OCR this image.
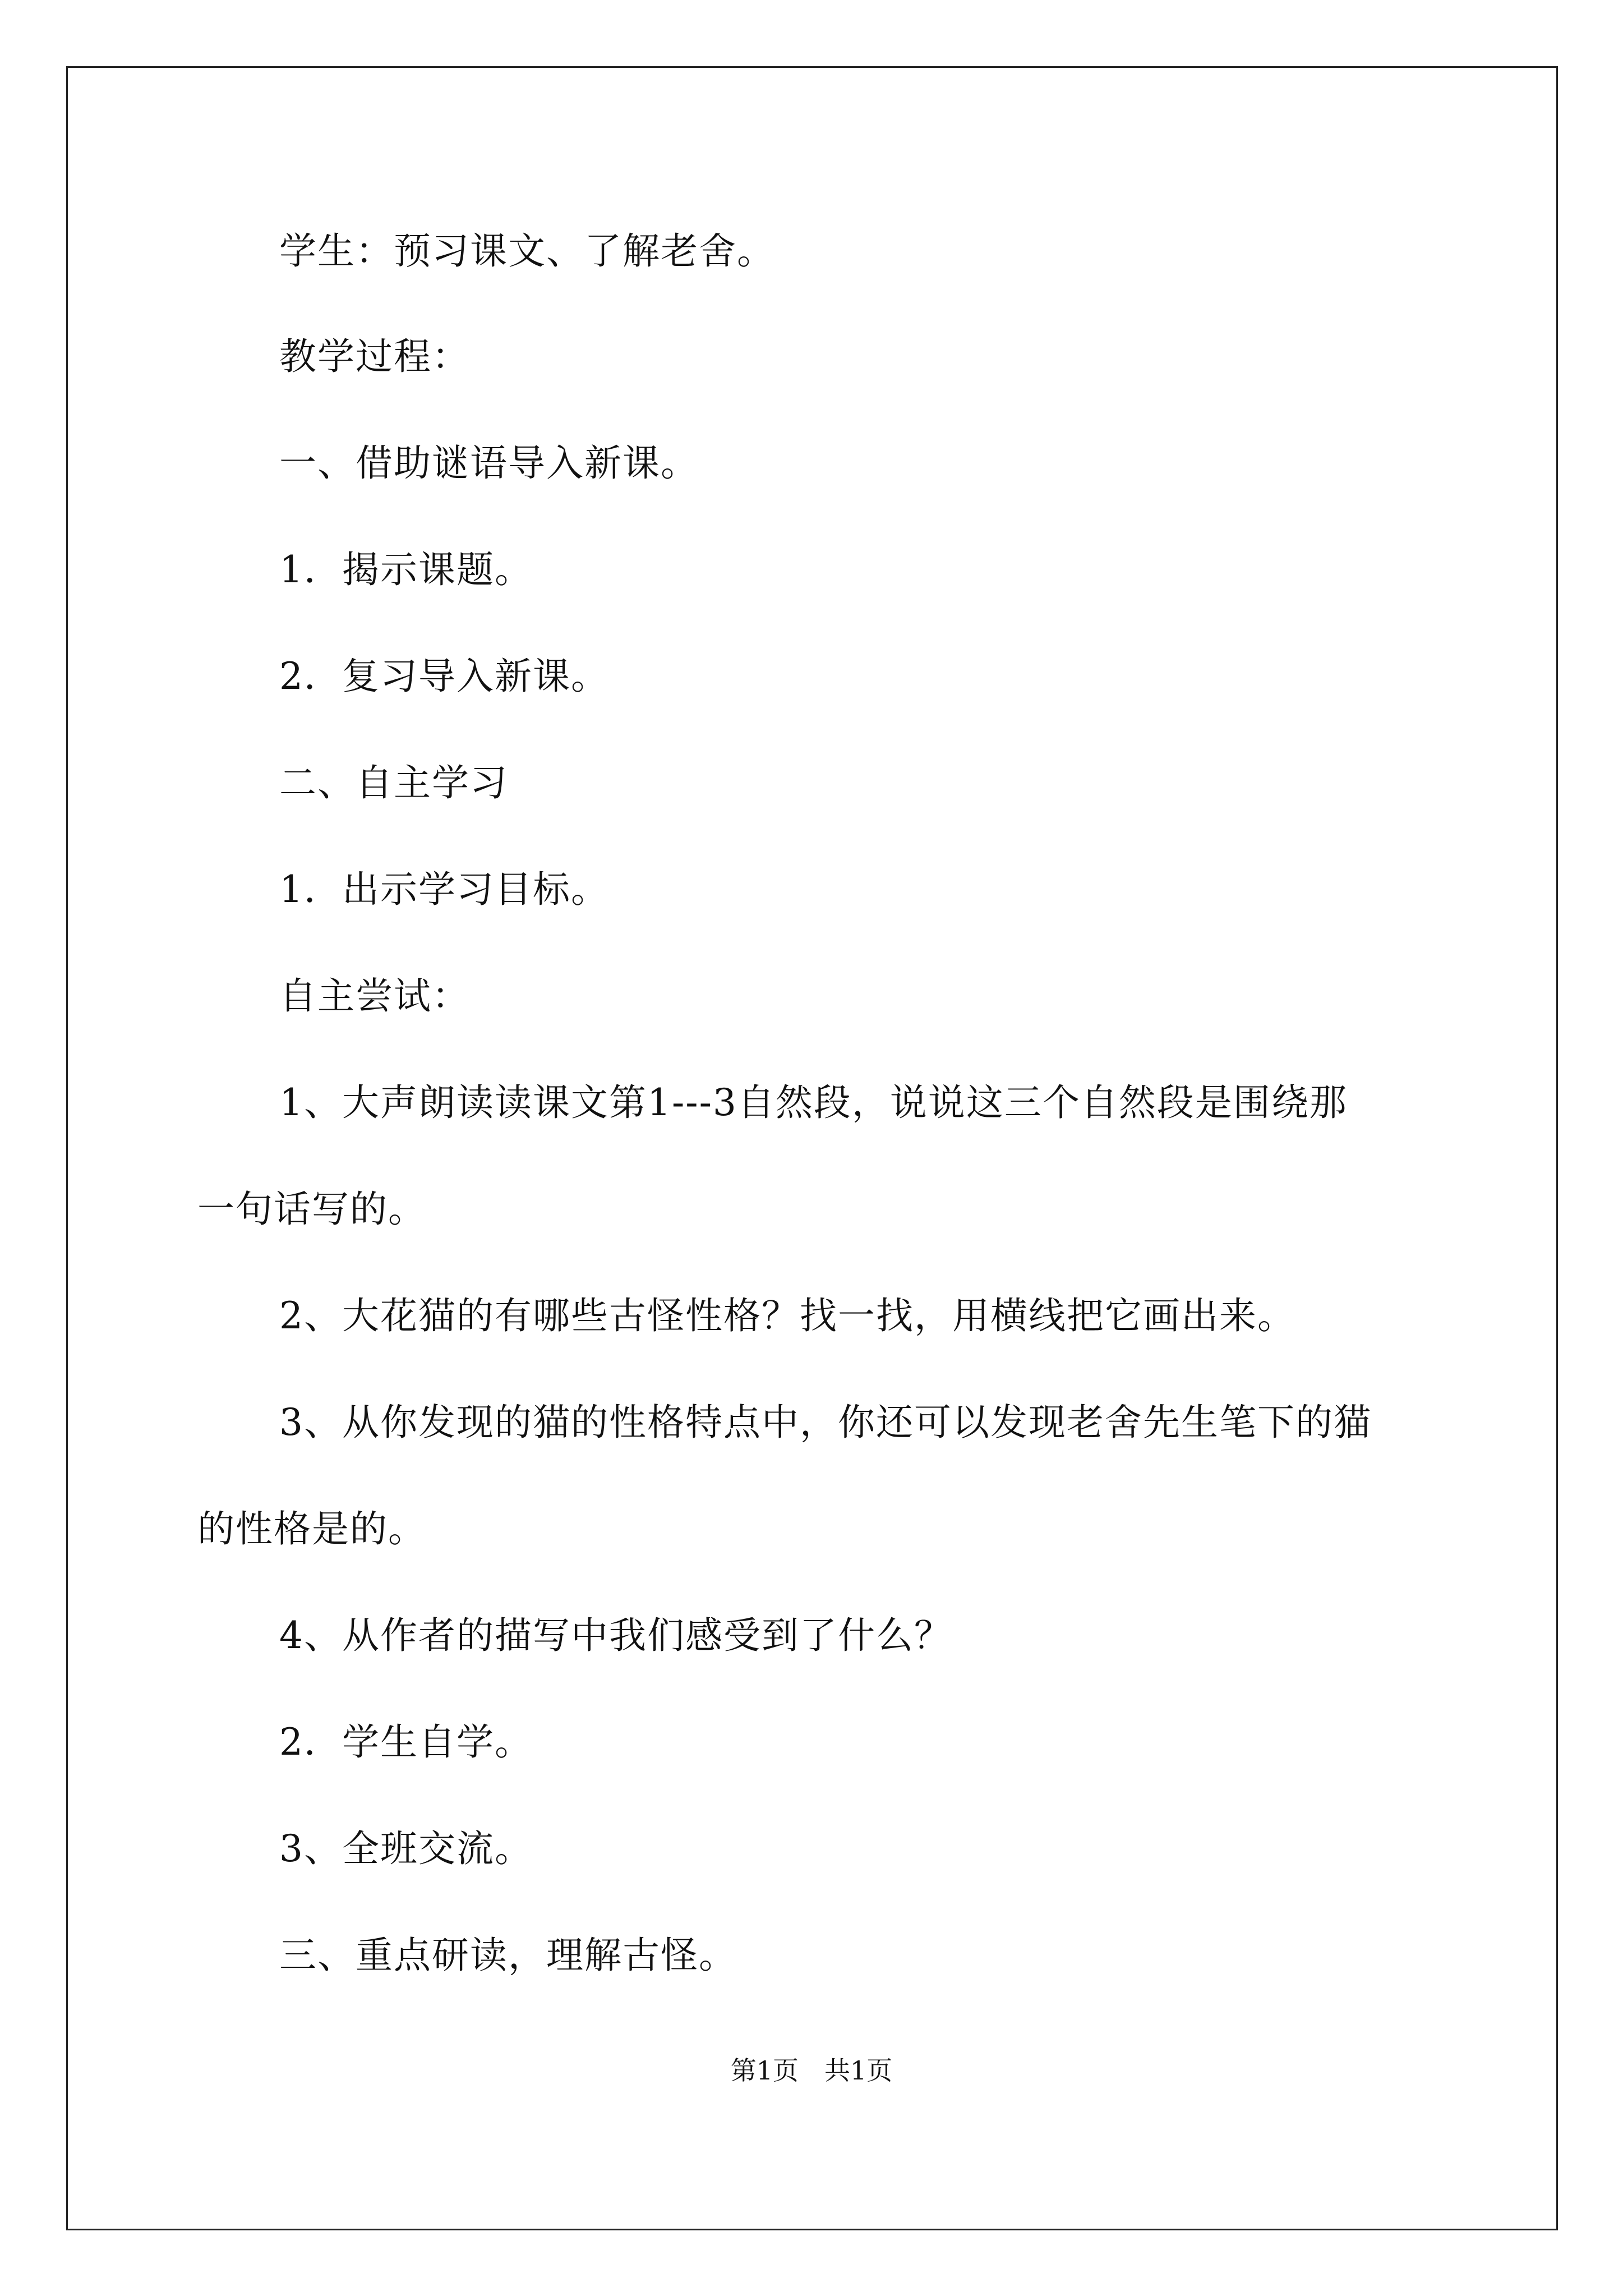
学生：预习课文、了解老舍。
教学过程：
一、借助谜语导入新课。
1．揭示课题。
2．复习导入新课。
二、自主学习
1．出示学习目标。
自主尝试：
1、大声朗读读课文第1---3自然段，说说这三个自然段是围绕那
一句话写的。
2、大花猫的有哪些古怪性格？找一找，用横线把它画出来。
3、从你发现的猫的性格特点中，你还可以发现老舍先生笔下的猫
的性格是的。
4、从作者的描写中我们感受到了什么？
2．学生自学。
3、全班交流。
三、重点研读，理解古怪。
第1页　共1页
